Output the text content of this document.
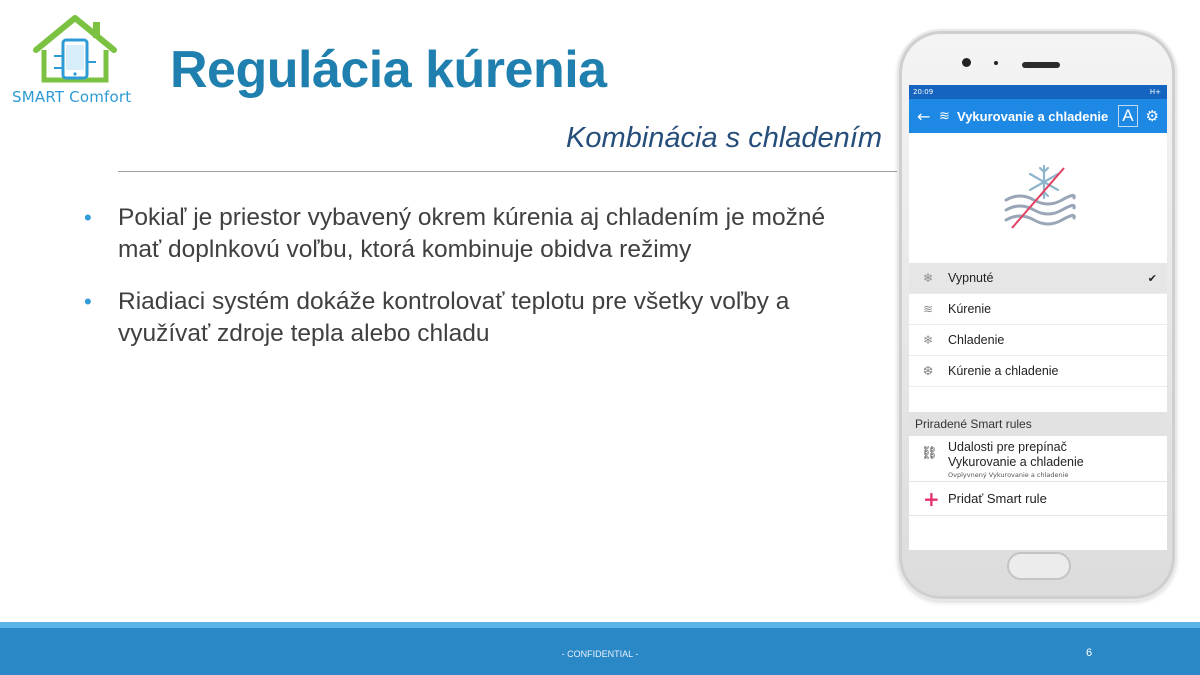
SMART Comfort Regulácia kúrenia
Kombinácia s chladením
• Pokiaľ je priestor vybavený okrem kúrenia aj chladením je možné mať doplnkovú voľbu, ktorá kombinuje obidva režimy
• Riadiaci systém dokáže kontrolovať teplotu pre všetky voľby a využívať zdroje tepla alebo chladu
20:09	H+
← ≋ Vykurovanie a chladenie A ⚙
❄	Vypnuté	✔
≋	Kúrenie
❄	Chladenie
❆	Kúrenie a chladenie
Priradené Smart rules
⛓ Udalosti pre prepínač
Vykurovanie a chladenie
Ovplyvnený Vykurovanie a chladenie
+ Pridať Smart rule
- CONFIDENTIAL -	6
